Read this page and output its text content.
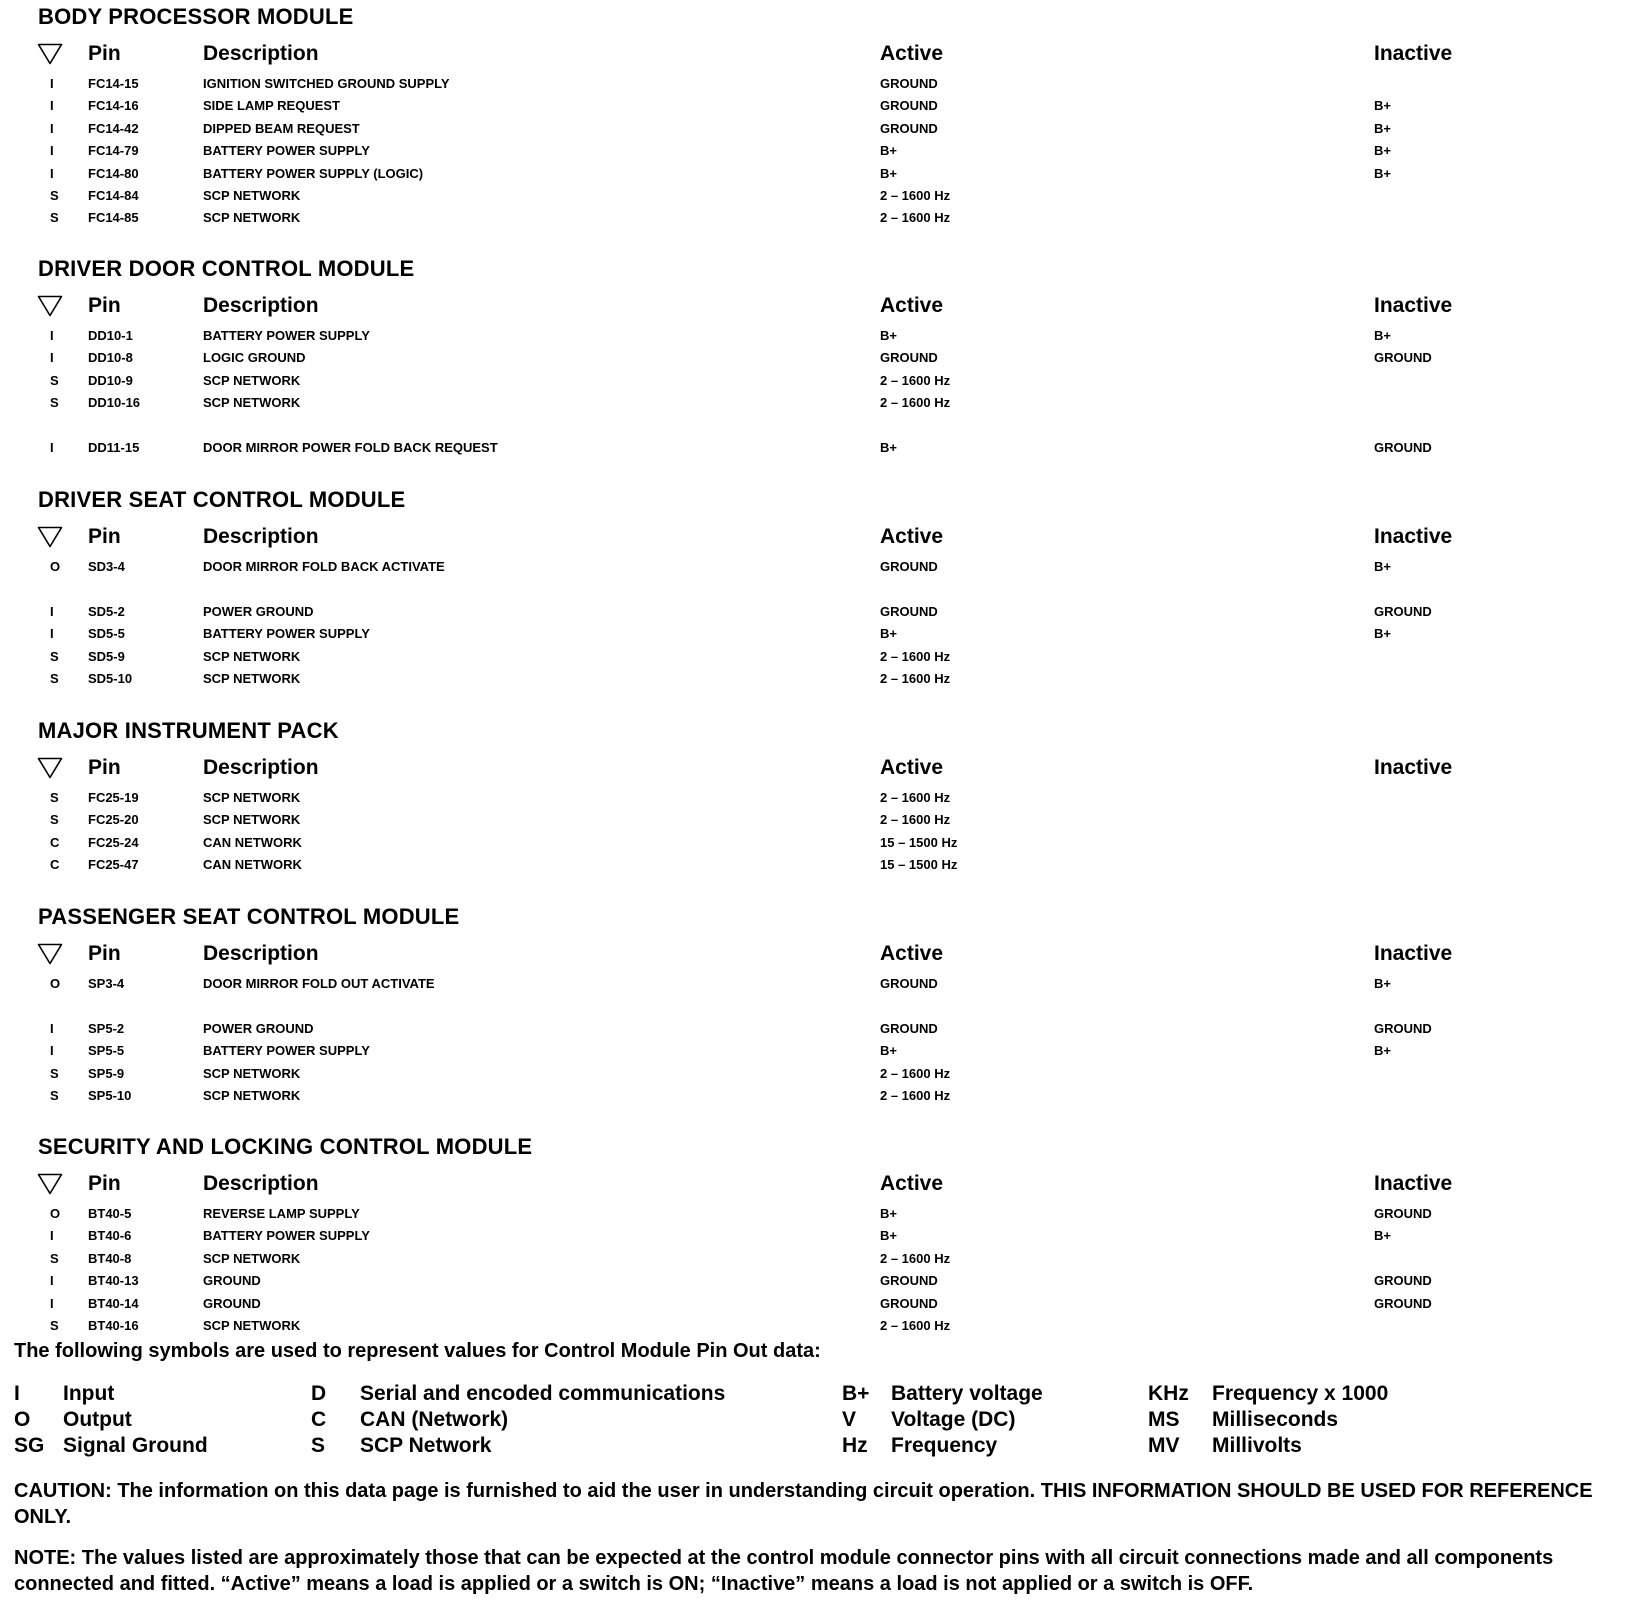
BODY PROCESSOR MODULE
Pin	Description	Active	Inactive
I	FC14-15	IGNITION SWITCHED GROUND SUPPLY	GROUND
I	FC14-16	SIDE LAMP REQUEST	GROUND	B+
I	FC14-42	DIPPED BEAM REQUEST	GROUND	B+
I	FC14-79	BATTERY POWER SUPPLY	B+	B+
I	FC14-80	BATTERY POWER SUPPLY (LOGIC)	B+	B+
S FC14-84	SCP NETWORK	2 – 1600 Hz
S FC14-85	SCP NETWORK	2 – 1600 Hz
DRIVER DOOR CONTROL MODULE
Pin	Description	Active	Inactive
I	DD10-1	BATTERY POWER SUPPLY	B+	B+
I	DD10-8	LOGIC GROUND	GROUND	GROUND
S DD10-9	SCP NETWORK	2 – 1600 Hz
S DD10-16	SCP NETWORK	2 – 1600 Hz
I	DD11-15	DOOR MIRROR POWER FOLD BACK REQUEST	B+	GROUND
DRIVER SEAT CONTROL MODULE
Pin	Description	Active	Inactive
O SD3-4	DOOR MIRROR FOLD BACK ACTIVATE	GROUND	B+
I	SD5-2	POWER GROUND	GROUND	GROUND
I	SD5-5	BATTERY POWER SUPPLY	B+	B+
S SD5-9	SCP NETWORK	2 – 1600 Hz
S SD5-10	SCP NETWORK	2 – 1600 Hz
MAJOR INSTRUMENT PACK
Pin	Description	Active	Inactive
S FC25-19	SCP NETWORK	2 – 1600 Hz
S FC25-20	SCP NETWORK	2 – 1600 Hz
C FC25-24	CAN NETWORK	15 – 1500 Hz
C FC25-47	CAN NETWORK	15 – 1500 Hz
PASSENGER SEAT CONTROL MODULE
Pin	Description	Active	Inactive
O SP3-4	DOOR MIRROR FOLD OUT ACTIVATE	GROUND	B+
I	SP5-2	POWER GROUND	GROUND	GROUND
I	SP5-5	BATTERY POWER SUPPLY	B+	B+
S SP5-9	SCP NETWORK	2 – 1600 Hz
S SP5-10	SCP NETWORK	2 – 1600 Hz
SECURITY AND LOCKING CONTROL MODULE
Pin	Description	Active	Inactive
O BT40-5	REVERSE LAMP SUPPLY	B+	GROUND
I	BT40-6	BATTERY POWER SUPPLY	B+	B+
S BT40-8	SCP NETWORK	2 – 1600 Hz
I	BT40-13	GROUND	GROUND	GROUND
I	BT40-14	GROUND	GROUND	GROUND
S BT40-16	SCP NETWORK	2 – 1600 Hz
The following symbols are used to represent values for Control Module Pin Out data:
I Input
O Output
SG Signal Ground
D Serial and encoded communications
C CAN (Network)
S SCP Network
B+ Battery voltage
V Voltage (DC)
Hz Frequency
KHz Frequency x 1000
MS Milliseconds
MV Millivolts
CAUTION: The information on this data page is furnished to aid the user in understanding circuit operation. THIS INFORMATION SHOULD BE USED FOR REFERENCE ONLY.
NOTE: The values listed are approximately those that can be expected at the control module connector pins with all circuit connections made and all components connected and fitted. “Active” means a load is applied or a switch is ON; “Inactive” means a load is not applied or a switch is OFF.
